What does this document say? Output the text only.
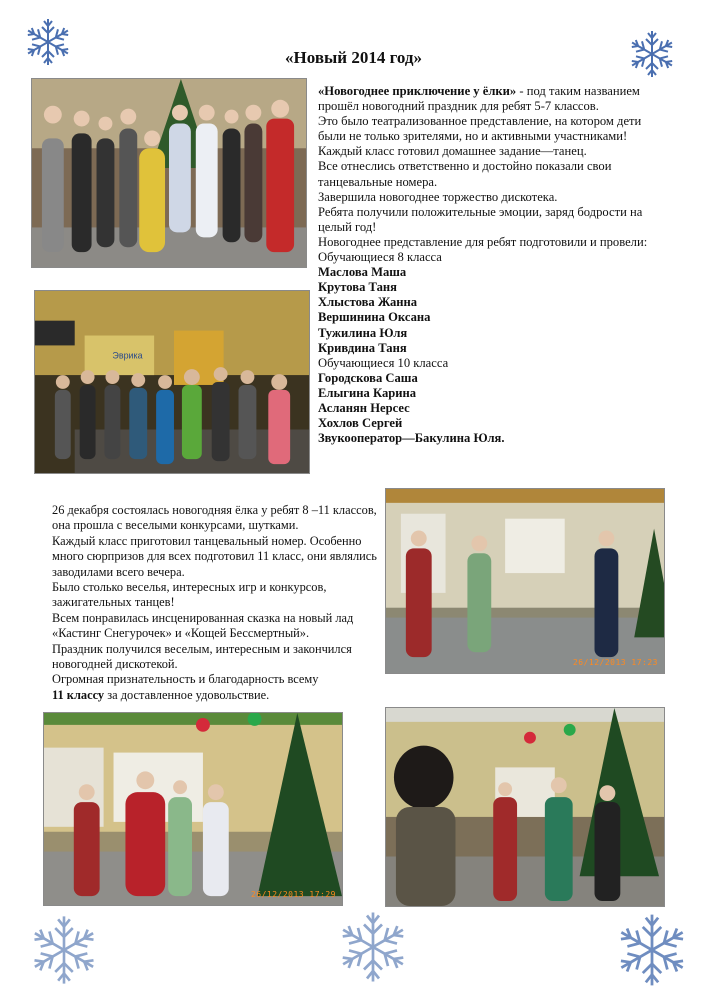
«Новый 2014 год»
Эврика

«Новогоднее приключение у ёлки» - под таким названием прошёл новогодний праздник для ребят 5-7 классов.

Это было театрализованное представление, на котором дети были не только зрителями, но и активными участниками!

Каждый класс готовил домашнее задание—танец.

Все отнеслись ответственно и достойно показали свои танцевальные номера.

Завершила новогоднее торжество дискотека.

Ребята получили положительные эмоции, заряд бодрости на целый год!

Новогоднее представление для ребят подготовили и провели:

Обучающиеся 8 класса

Маслова Маша

Крутова Таня

Хлыстова Жанна

Вершинина Оксана

Тужилина Юля

Кривдина Таня

Обучающиеся 10 класса

Городскова Саша

Елыгина Карина

Асланян Нерсес

Хохлов Сергей

Звукооператор—Бакулина Юля.

26 декабря состоялась новогодняя ёлка у ребят 8 –11 классов, она прошла с веселыми конкурсами, шутками.

Каждый класс приготовил танцевальный номер. Особенно много сюрпризов для всех подготовил 11 класс, они являлись заводилами всего вечера.

Было столько веселья, интересных игр и конкурсов, зажигательных танцев!

Всем понравилась инсценированная сказка на новый лад «Кастинг Снегурочек» и «Кощей Бессмертный».

Праздник получился веселым, интересным и закончился новогодней дискотекой.

Огромная признательность и благодарность всему

11 классу за доставленное удовольствие.

26/12/2013 17:23
26/12/2013 17:29
